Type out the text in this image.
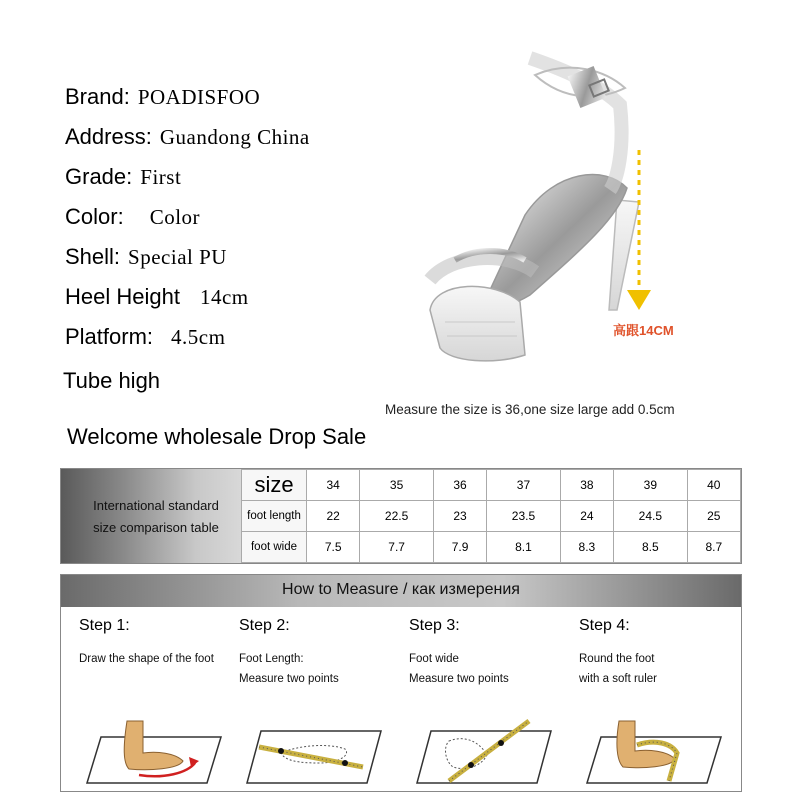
Brand: POADISFOO
Address: Guandong China
Grade: First
Color: Color
Shell: Special PU
Heel Height 14cm
Platform: 4.5cm
Tube high
高跟14CM
Measure the size is 36,one size large add 0.5cm
Welcome wholesale Drop Sale
International standard
size comparison table
size	34	35	36	37	38	39	40
foot length	22	22.5	23	23.5	24	24.5	25
foot wide	7.5	7.7	7.9	8.1	8.3	8.5	8.7
How to Measure / как измерения
Step 1:
Draw the shape of the foot
Step 2:
Foot Length:
Measure two points
Step 3:
Foot wide
Measure two points
Step 4:
Round the foot
with a soft ruler
